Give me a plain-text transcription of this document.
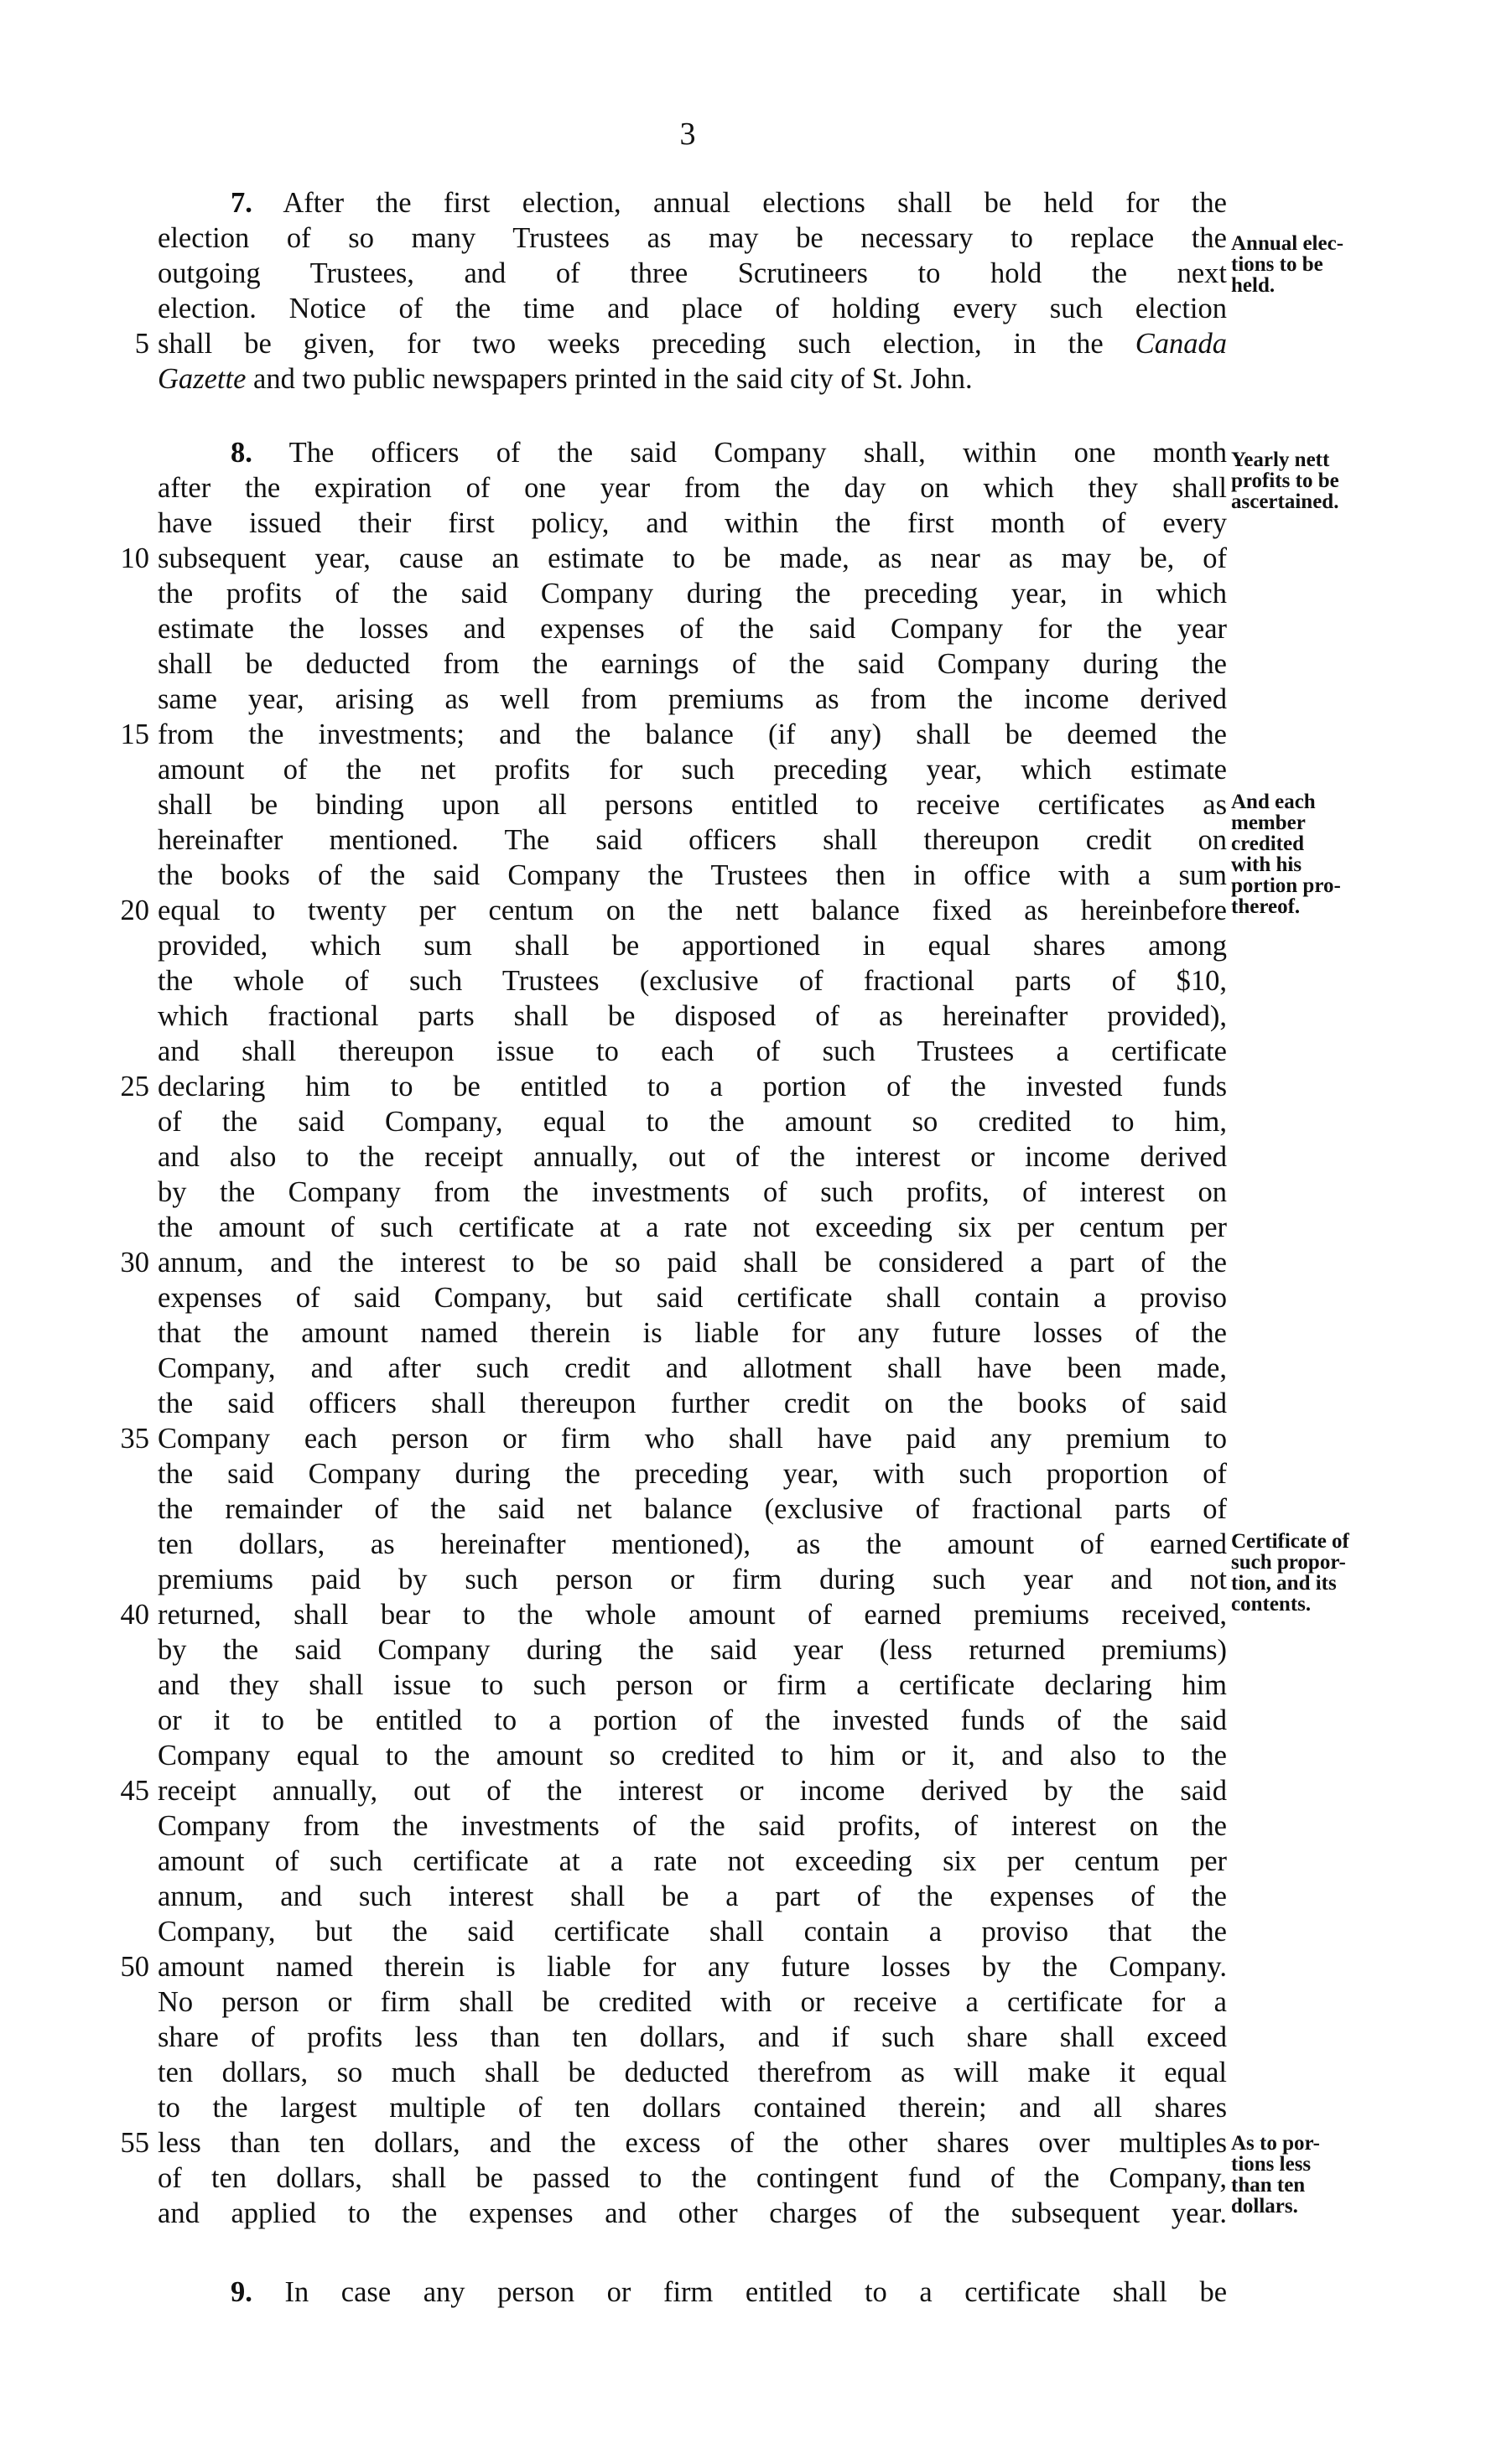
3
7. After the first election, annual elections shall be held for the
election of so many Trustees as may be necessary to replace the
outgoing Trustees, and of three Scrutineers to hold the next
election. Notice of the time and place of holding every such election
shall be given, for two weeks preceding such election, in the Canada
Gazette and two public newspapers printed in the said city of St. John.
8. The officers of the said Company shall, within one month
after the expiration of one year from the day on which they shall
have issued their first policy, and within the first month of every
subsequent year, cause an estimate to be made, as near as may be, of
the profits of the said Company during the preceding year, in which
estimate the losses and expenses of the said Company for the year
shall be deducted from the earnings of the said Company during the
same year, arising as well from premiums as from the income derived
from the investments; and the balance (if any) shall be deemed the
amount of the net profits for such preceding year, which estimate
shall be binding upon all persons entitled to receive certificates as
hereinafter mentioned. The said officers shall thereupon credit on
the books of the said Company the Trustees then in office with a sum
equal to twenty per centum on the nett balance fixed as hereinbefore
provided, which sum shall be apportioned in equal shares among
the whole of such Trustees (exclusive of fractional parts of $10,
which fractional parts shall be disposed of as hereinafter provided),
and shall thereupon issue to each of such Trustees a certificate
declaring him to be entitled to a portion of the invested funds
of the said Company, equal to the amount so credited to him,
and also to the receipt annually, out of the interest or income derived
by the Company from the investments of such profits, of interest on
the amount of such certificate at a rate not exceeding six per centum per
annum, and the interest to be so paid shall be considered a part of the
expenses of said Company, but said certificate shall contain a proviso
that the amount named therein is liable for any future losses of the
Company, and after such credit and allotment shall have been made,
the said officers shall thereupon further credit on the books of said
Company each person or firm who shall have paid any premium to
the said Company during the preceding year, with such proportion of
the remainder of the said net balance (exclusive of fractional parts of
ten dollars, as hereinafter mentioned), as the amount of earned
premiums paid by such person or firm during such year and not
returned, shall bear to the whole amount of earned premiums received,
by the said Company during the said year (less returned premiums)
and they shall issue to such person or firm a certificate declaring him
or it to be entitled to a portion of the invested funds of the said
Company equal to the amount so credited to him or it, and also to the
receipt annually, out of the interest or income derived by the said
Company from the investments of the said profits, of interest on the
amount of such certificate at a rate not exceeding six per centum per
annum, and such interest shall be a part of the expenses of the
Company, but the said certificate shall contain a proviso that the
amount named therein is liable for any future losses by the Company.
No person or firm shall be credited with or receive a certificate for a
share of profits less than ten dollars, and if such share shall exceed
ten dollars, so much shall be deducted therefrom as will make it equal
to the largest multiple of ten dollars contained therein; and all shares
less than ten dollars, and the excess of the other shares over multiples
of ten dollars, shall be passed to the contingent fund of the Company,
and applied to the expenses and other charges of the subsequent year.
9. In case any person or firm entitled to a certificate shall be
5
10
15
20
25
30
35
40
45
50
55
Annual elec-
tions to be
held.
Yearly nett
profits to be
ascertained.
And each
member
credited
with his
portion pro-
thereof.
Certificate of
such propor-
tion, and its
contents.
As to por-
tions less
than ten
dollars.
